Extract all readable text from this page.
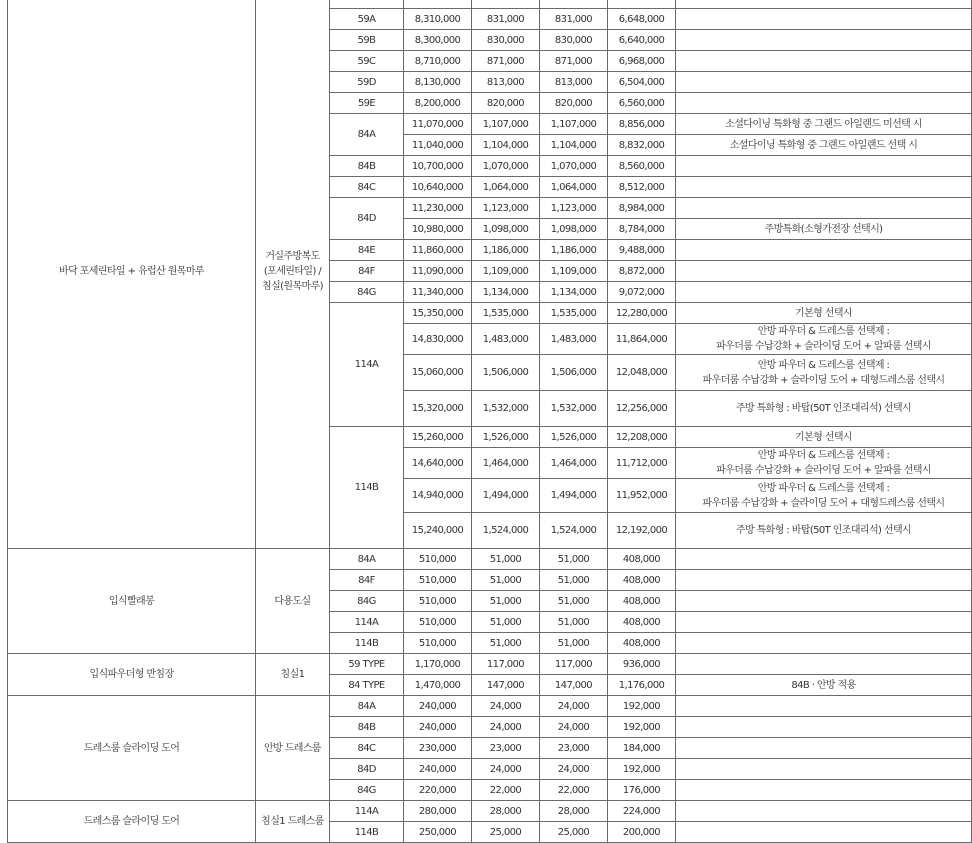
바닥 포세린타일 + 유럽산 원목마루	거실주방복도
(포세린타일) /
침실(원목마루)						
		59A	8,310,000	831,000	831,000	6,648,000	
		59B	8,300,000	830,000	830,000	6,640,000	
		59C	8,710,000	871,000	871,000	6,968,000	
		59D	8,130,000	813,000	813,000	6,504,000	
		59E	8,200,000	820,000	820,000	6,560,000	
		84A	11,070,000	1,107,000	1,107,000	8,856,000	소셜다이닝 특화형 중 그랜드 아일랜드 미선택 시
			11,040,000	1,104,000	1,104,000	8,832,000	소셜다이닝 특화형 중 그랜드 아일랜드 선택 시
		84B	10,700,000	1,070,000	1,070,000	8,560,000	
		84C	10,640,000	1,064,000	1,064,000	8,512,000	
		84D	11,230,000	1,123,000	1,123,000	8,984,000	
			10,980,000	1,098,000	1,098,000	8,784,000	주방특화(소형가전장 선택시)
		84E	11,860,000	1,186,000	1,186,000	9,488,000	
		84F	11,090,000	1,109,000	1,109,000	8,872,000	
		84G	11,340,000	1,134,000	1,134,000	9,072,000	
		114A	15,350,000	1,535,000	1,535,000	12,280,000	기본형 선택시
			14,830,000	1,483,000	1,483,000	11,864,000	안방 파우더 & 드레스룸 선택제 :
파우더룸 수납강화 + 슬라이딩 도어 + 알파룸 선택시
			15,060,000	1,506,000	1,506,000	12,048,000	안방 파우더 & 드레스룸 선택제 :
파우더룸 수납강화 + 슬라이딩 도어 + 대형드레스룸 선택시
			15,320,000	1,532,000	1,532,000	12,256,000	주방 특화형 : 바탑(50T 인조대리석) 선택시
		114B	15,260,000	1,526,000	1,526,000	12,208,000	기본형 선택시
			14,640,000	1,464,000	1,464,000	11,712,000	안방 파우더 & 드레스룸 선택제 :
파우더룸 수납강화 + 슬라이딩 도어 + 알파룸 선택시
			14,940,000	1,494,000	1,494,000	11,952,000	안방 파우더 & 드레스룸 선택제 :
파우더룸 수납강화 + 슬라이딩 도어 + 대형드레스룸 선택시
			15,240,000	1,524,000	1,524,000	12,192,000	주방 특화형 : 바탑(50T 인조대리석) 선택시
입식빨래봉	다용도실	84A	510,000	51,000	51,000	408,000	
		84F	510,000	51,000	51,000	408,000	
		84G	510,000	51,000	51,000	408,000	
		114A	510,000	51,000	51,000	408,000	
		114B	510,000	51,000	51,000	408,000	
입식파우더형 반침장	침실1	59 TYPE	1,170,000	117,000	117,000	936,000	
		84 TYPE	1,470,000	147,000	147,000	1,176,000	84B · 안방 적용
드레스룸 슬라이딩 도어	안방 드레스룸	84A	240,000	24,000	24,000	192,000	
		84B	240,000	24,000	24,000	192,000	
		84C	230,000	23,000	23,000	184,000	
		84D	240,000	24,000	24,000	192,000	
		84G	220,000	22,000	22,000	176,000	
드레스룸 슬라이딩 도어	침실1 드레스룸	114A	280,000	28,000	28,000	224,000	
		114B	250,000	25,000	25,000	200,000	
